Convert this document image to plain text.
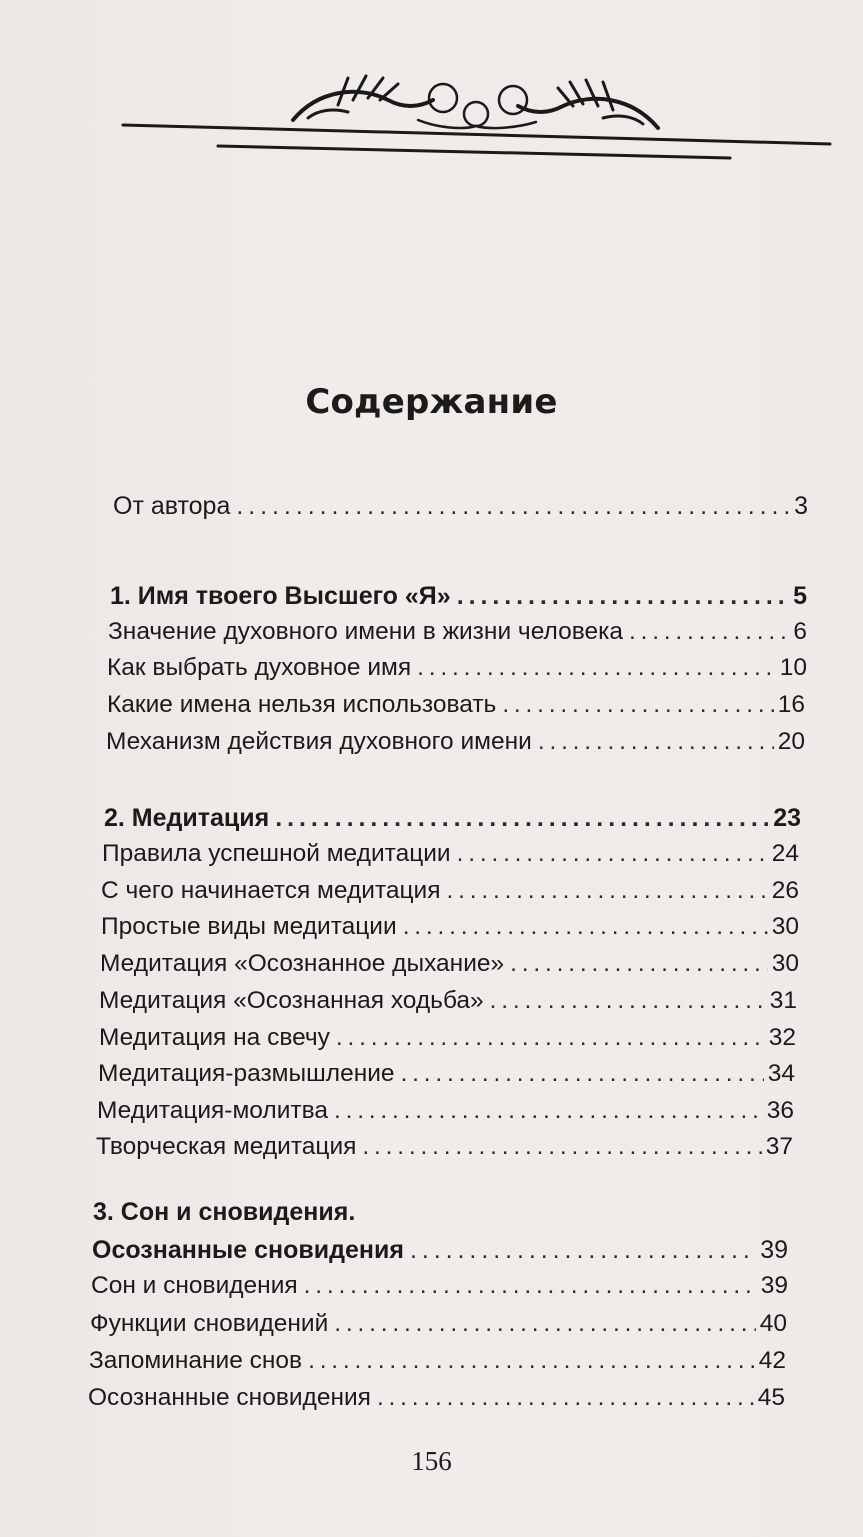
Содержание
От автора . . .	3
1. Имя твоего Высшего «Я» . . .	5
Значение духовного имени в жизни человека . . .	6
Как выбрать духовное имя . . .	10
Какие имена нельзя использовать . . .	16
Механизм действия духовного имени . . .	20
2. Медитация . . .	23
Правила успешной медитации . . .	24
С чего начинается медитация . . .	26
Простые виды медитации . . .	30
Медитация «Осознанное дыхание» . . .	30
Медитация «Осознанная ходьба» . . .	31
Медитация на свечу . . .	32
Медитация-размышление . . .	34
Медитация-молитва . . .	36
Творческая медитация . . .	37
3. Сон и сновидения.
Осознанные сновидения . . .	39
Сон и сновидения . . .	39
Функции сновидений . . .	40
Запоминание снов . . .	42
Осознанные сновидения . . .	45
156
